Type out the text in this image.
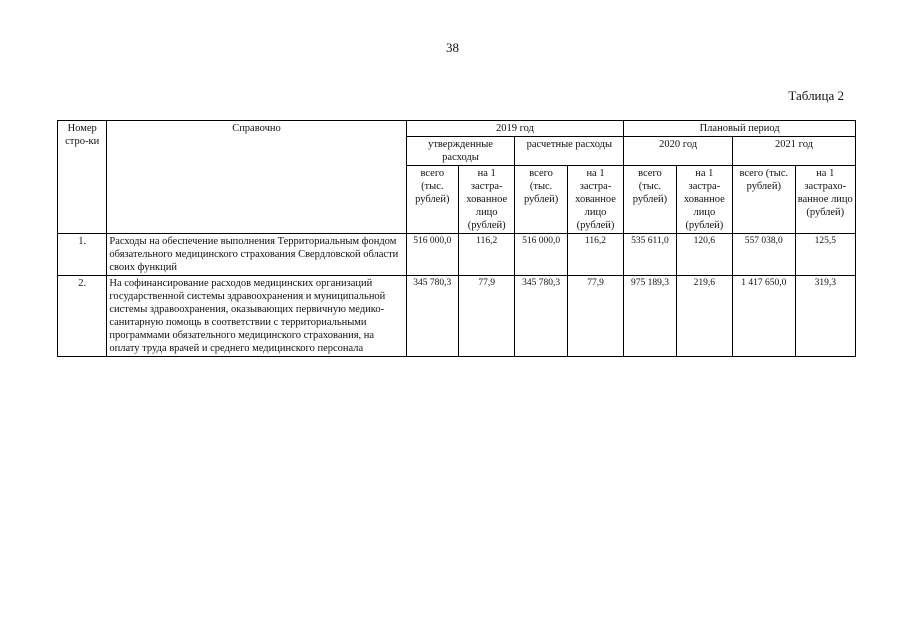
38
Таблица 2
Номер стро-ки	Справочно	2019 год				Плановый период			
		утвержденные расходы		расчетные расходы		2020 год		2021 год	
		всего (тыс. рублей)	на 1 застра-хованное лицо (рублей)	всего (тыс. рублей)	на 1 застра-хованное лицо (рублей)	всего (тыс. рублей)	на 1 застра-хованное лицо (рублей)	всего (тыс. рублей)	на 1 застрахо-ванное лицо (рублей)
1.	Расходы на обеспечение выполнения Территориальным фондом обязательного медицинского страхования Свердловской области своих функций	516 000,0	116,2	516 000,0	116,2	535 611,0	120,6	557 038,0	125,5
2.	На софинансирование расходов медицинских организаций государственной системы здравоохранения и муниципальной системы здравоохранения, оказывающих первичную медико-санитарную помощь в соответствии с территориальными программами обязательного медицинского страхования, на оплату труда врачей и среднего медицинского персонала	345 780,3	77,9	345 780,3	77,9	975 189,3	219,6	1 417 650,0	319,3
